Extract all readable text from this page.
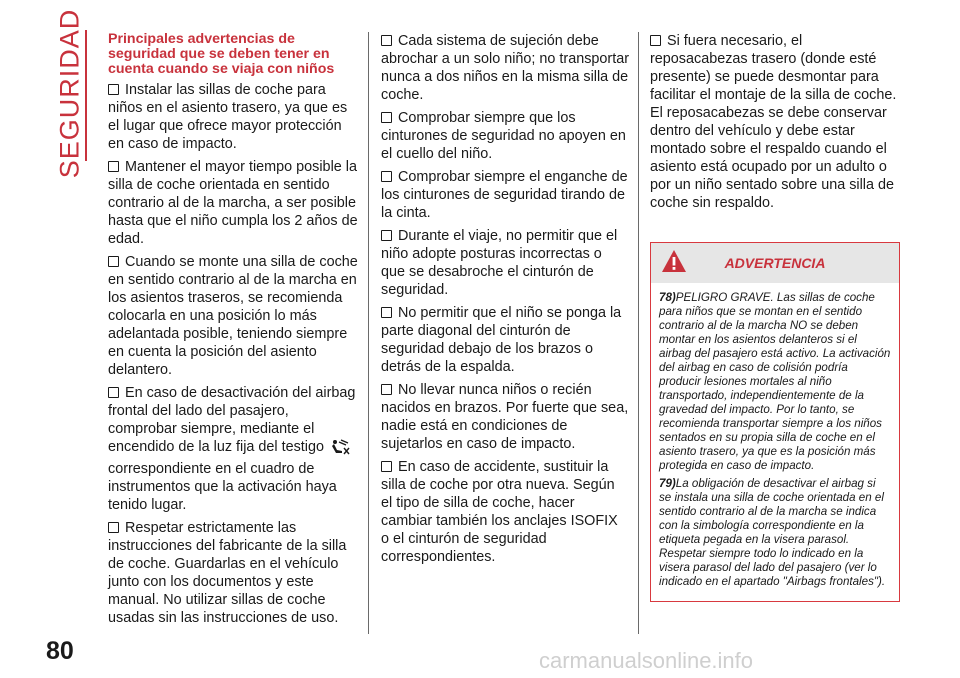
SEGURIDAD
80
Principales advertencias de seguridad que se deben tener en cuenta cuando se viaja con niños

Instalar las sillas de coche para niños en el asiento trasero, ya que es el lugar que ofrece mayor protección en caso de impacto.

Mantener el mayor tiempo posible la silla de coche orientada en sentido contrario al de la marcha, a ser posible hasta que el niño cumpla los 2 años de edad.

Cuando se monte una silla de coche en sentido contrario al de la marcha en los asientos traseros, se recomienda colocarla en una posición lo más adelantada posible, teniendo siempre en cuenta la posición del asiento delantero.

En caso de desactivación del airbag frontal del lado del pasajero, comprobar siempre, mediante el encendido de la luz fija del testigo correspondiente en el cuadro de instrumentos que la activación haya tenido lugar.

Respetar estrictamente las instrucciones del fabricante de la silla de coche. Guardarlas en el vehículo junto con los documentos y este manual. No utilizar sillas de coche usadas sin las instrucciones de uso.

Cada sistema de sujeción debe abrochar a un solo niño; no transportar nunca a dos niños en la misma silla de coche.

Comprobar siempre que los cinturones de seguridad no apoyen en el cuello del niño.

Comprobar siempre el enganche de los cinturones de seguridad tirando de la cinta.

Durante el viaje, no permitir que el niño adopte posturas incorrectas o que se desabroche el cinturón de seguridad.

No permitir que el niño se ponga la parte diagonal del cinturón de seguridad debajo de los brazos o detrás de la espalda.

No llevar nunca niños o recién nacidos en brazos. Por fuerte que sea, nadie está en condiciones de sujetarlos en caso de impacto.

En caso de accidente, sustituir la silla de coche por otra nueva. Según el tipo de silla de coche, hacer cambiar también los anclajes ISOFIX o el cinturón de seguridad correspondientes.

Si fuera necesario, el reposacabezas trasero (donde esté presente) se puede desmontar para facilitar el montaje de la silla de coche. El reposacabezas se debe conservar dentro del vehículo y debe estar montado sobre el respaldo cuando el asiento está ocupado por un adulto o por un niño sentado sobre una silla de coche sin respaldo.

ADVERTENCIA

78)PELIGRO GRAVE. Las sillas de coche para niños que se montan en el sentido contrario al de la marcha NO se deben montar en los asientos delanteros si el airbag del pasajero está activo. La activación del airbag en caso de colisión podría producir lesiones mortales al niño transportado, independientemente de la gravedad del impacto. Por lo tanto, se recomienda transportar siempre a los niños sentados en su propia silla de coche en el asiento trasero, ya que es la posición más protegida en caso de impacto.

79)La obligación de desactivar el airbag si se instala una silla de coche orientada en el sentido contrario al de la marcha se indica con la simbología correspondiente en la etiqueta pegada en la visera parasol. Respetar siempre todo lo indicado en la visera parasol del lado del pasajero (ver lo indicado en el apartado "Airbags frontales").

carmanualsonline.info
